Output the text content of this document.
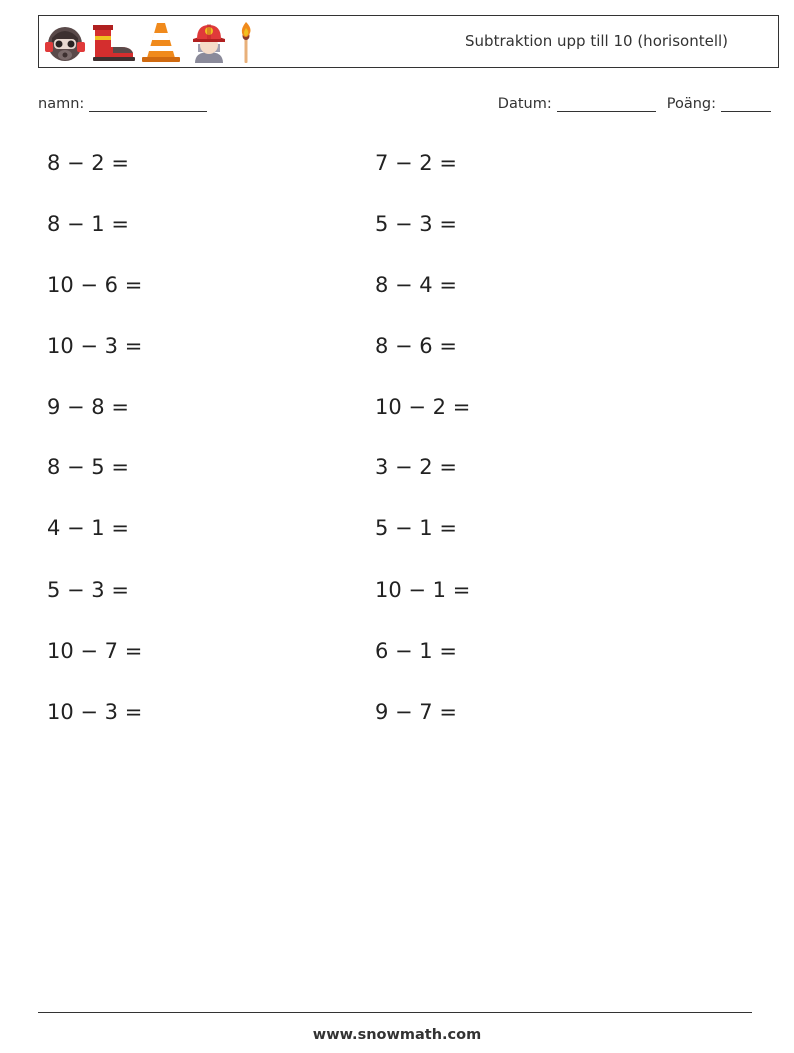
Subtraktion upp till 10 (horisontell)
namn:	Datum:	Poäng:
8 − 2 =
8 − 1 =
10 − 6 =
10 − 3 =
9 − 8 =
8 − 5 =
4 − 1 =
5 − 3 =
10 − 7 =
10 − 3 =
7 − 2 =
5 − 3 =
8 − 4 =
8 − 6 =
10 − 2 =
3 − 2 =
5 − 1 =
10 − 1 =
6 − 1 =
9 − 7 =
www.snowmath.com
